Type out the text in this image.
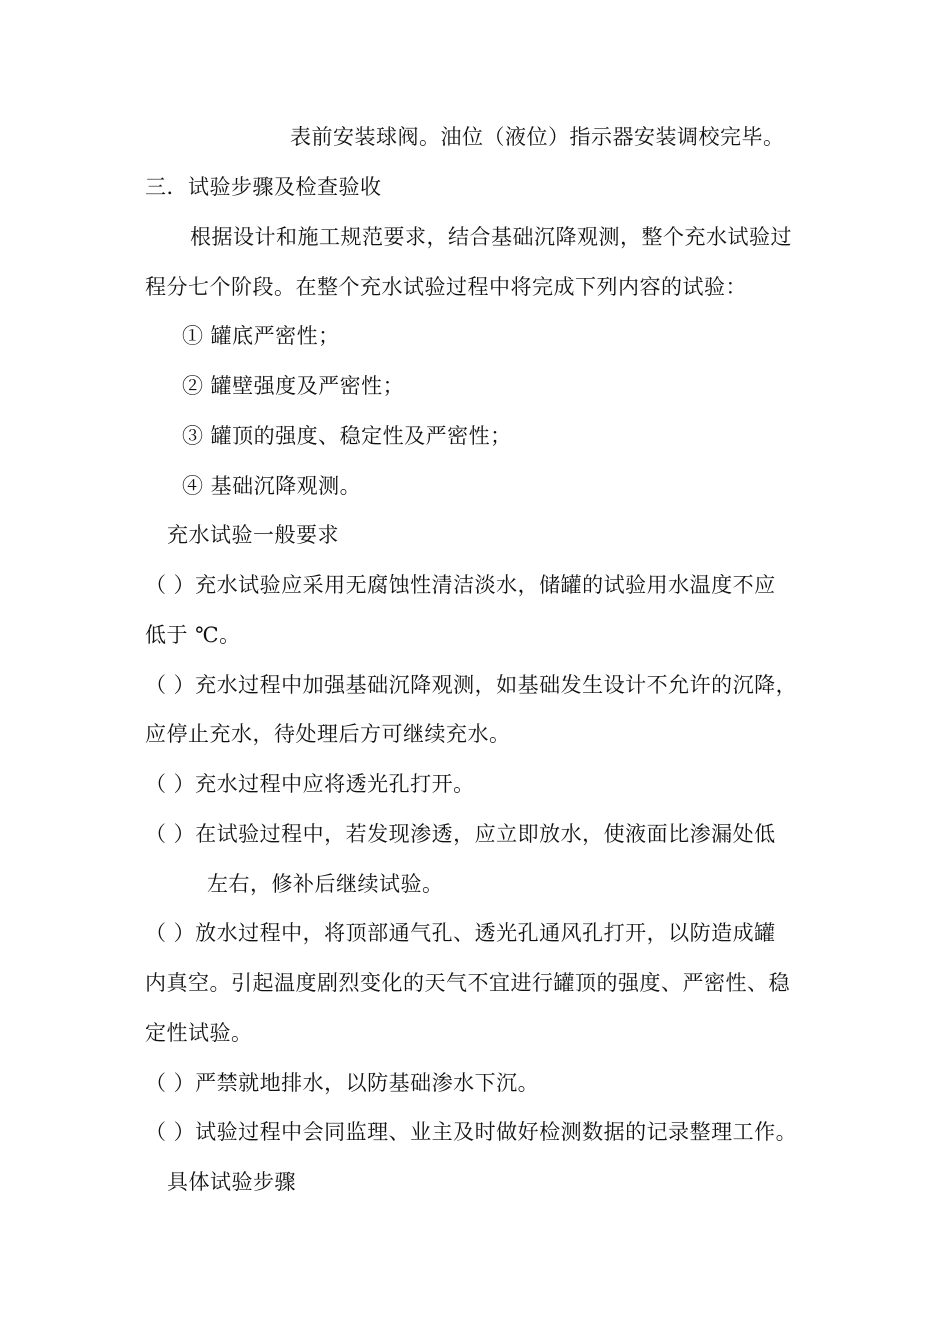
表前安装球阀。油位（液位）指示器安装调校完毕。
三．试验步骤及检查验收
根据设计和施工规范要求，结合基础沉降观测，整个充水试验过
程分七个阶段。在整个充水试验过程中将完成下列内容的试验：
① 罐底严密性；
② 罐壁强度及严密性；
③ 罐顶的强度、稳定性及严密性；
④ 基础沉降观测。
充水试验一般要求
（ ）充水试验应采用无腐蚀性清洁淡水，储罐的试验用水温度不应
低于 ℃。
（ ）充水过程中加强基础沉降观测，如基础发生设计不允许的沉降，
应停止充水，待处理后方可继续充水。
（ ）充水过程中应将透光孔打开。
（ ）在试验过程中，若发现渗透，应立即放水，使液面比渗漏处低
左右，修补后继续试验。
（ ）放水过程中，将顶部通气孔、透光孔通风孔打开，以防造成罐
内真空。引起温度剧烈变化的天气不宜进行罐顶的强度、严密性、稳
定性试验。
（ ）严禁就地排水，以防基础渗水下沉。
（ ）试验过程中会同监理、业主及时做好检测数据的记录整理工作。
具体试验步骤
